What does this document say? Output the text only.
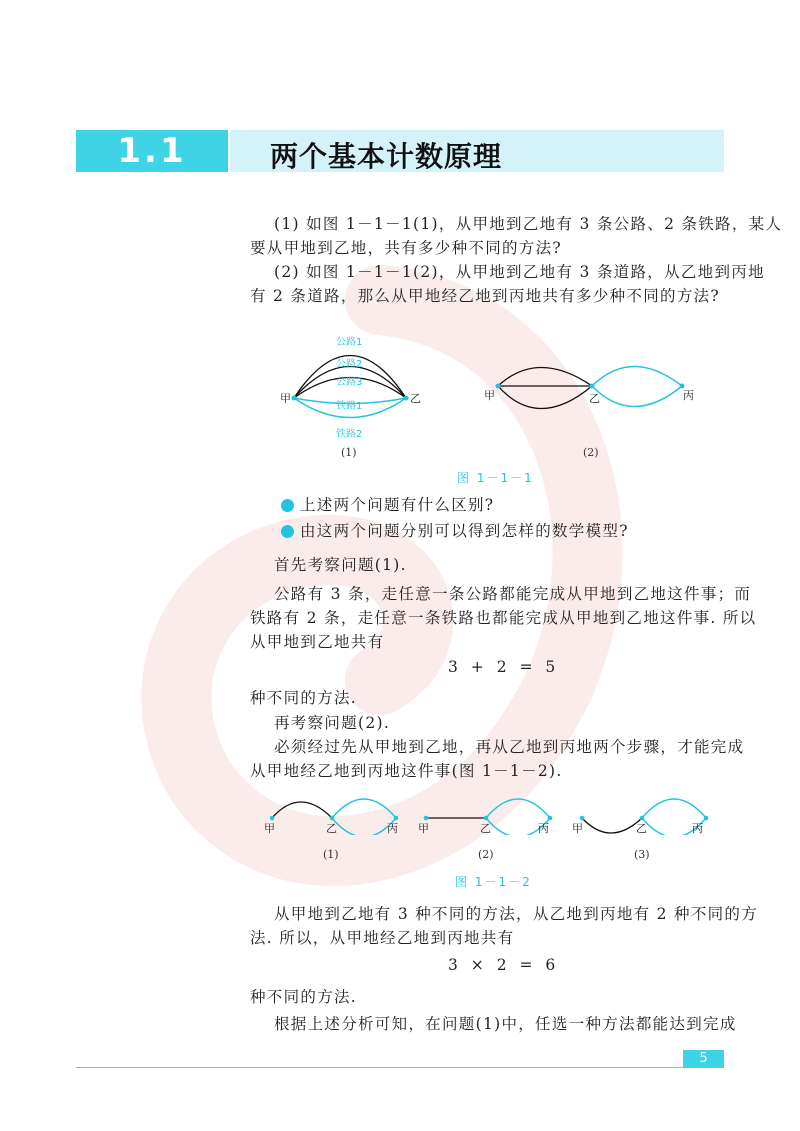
1.1	两个基本计数原理
(1) 如图 1－1－1(1)，从甲地到乙地有 3 条公路、2 条铁路，某人
要从甲地到乙地，共有多少种不同的方法?
(2) 如图 1－1－1(2)，从甲地到乙地有 3 条道路，从乙地到丙地
有 2 条道路，那么从甲地经乙地到丙地共有多少种不同的方法?
公路1
公路2
公路3
铁路1
铁路2
甲	乙
(1)
甲	乙	丙
(2)
图 1－1－1
上述两个问题有什么区别?
由这两个问题分别可以得到怎样的数学模型?
首先考察问题(1).
公路有 3 条，走任意一条公路都能完成从甲地到乙地这件事；而
铁路有 2 条，走任意一条铁路也都能完成从甲地到乙地这件事. 所以
从甲地到乙地共有
3 + 2 = 5
种不同的方法.
再考察问题(2).
必须经过先从甲地到乙地，再从乙地到丙地两个步骤，才能完成
从甲地经乙地到丙地这件事(图 1－1－2).
甲	乙	丙
(1)
甲	乙	丙
(2)
甲	乙	丙
(3)
图 1－1－2
从甲地到乙地有 3 种不同的方法，从乙地到丙地有 2 种不同的方
法. 所以，从甲地经乙地到丙地共有
3 × 2 = 6
种不同的方法.
根据上述分析可知，在问题(1)中，任选一种方法都能达到完成
5
